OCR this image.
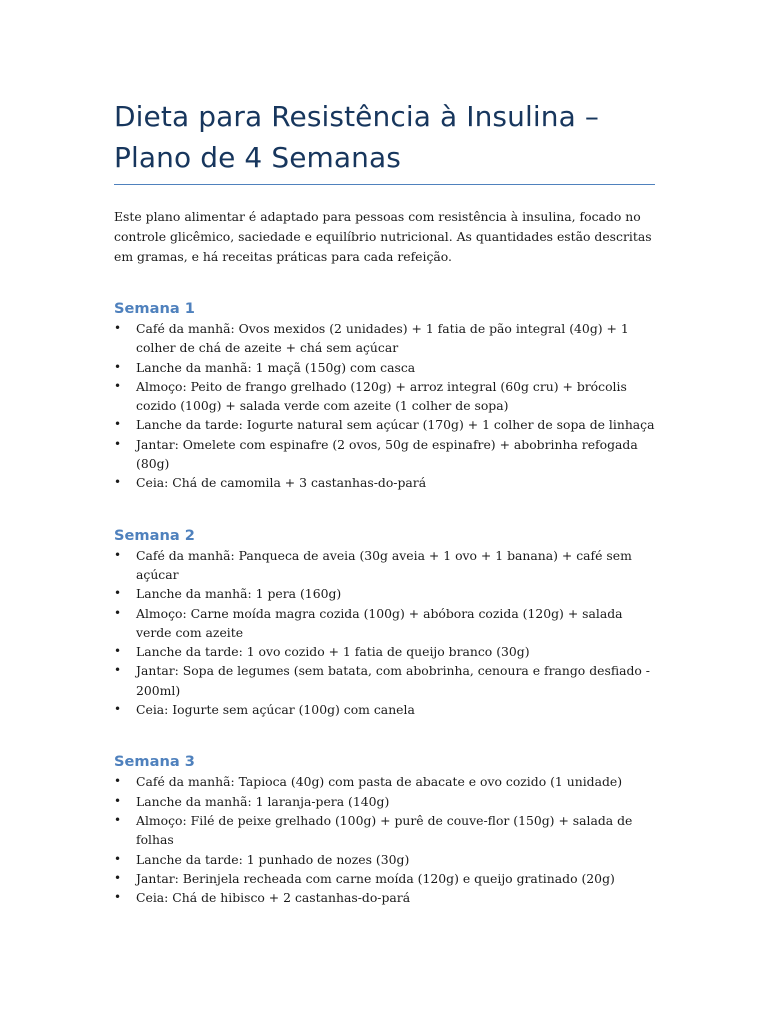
Dieta para Resistência à Insulina – Plano de 4 Semanas

Este plano alimentar é adaptado para pessoas com resistência à insulina, focado no controle glicêmico, saciedade e equilíbrio nutricional. As quantidades estão descritas em gramas, e há receitas práticas para cada refeição.

Semana 1
• Café da manhã: Ovos mexidos (2 unidades) + 1 fatia de pão integral (40g) + 1 colher de chá de azeite + chá sem açúcar
• Lanche da manhã: 1 maçã (150g) com casca
• Almoço: Peito de frango grelhado (120g) + arroz integral (60g cru) + brócolis cozido (100g) + salada verde com azeite (1 colher de sopa)
• Lanche da tarde: Iogurte natural sem açúcar (170g) + 1 colher de sopa de linhaça
• Jantar: Omelete com espinafre (2 ovos, 50g de espinafre) + abobrinha refogada (80g)
• Ceia: Chá de camomila + 3 castanhas-do-pará
Semana 2
• Café da manhã: Panqueca de aveia (30g aveia + 1 ovo + 1 banana) + café sem açúcar
• Lanche da manhã: 1 pera (160g)
• Almoço: Carne moída magra cozida (100g) + abóbora cozida (120g) + salada verde com azeite
• Lanche da tarde: 1 ovo cozido + 1 fatia de queijo branco (30g)
• Jantar: Sopa de legumes (sem batata, com abobrinha, cenoura e frango desfiado - 200ml)
• Ceia: Iogurte sem açúcar (100g) com canela
Semana 3
• Café da manhã: Tapioca (40g) com pasta de abacate e ovo cozido (1 unidade)
• Lanche da manhã: 1 laranja-pera (140g)
• Almoço: Filé de peixe grelhado (100g) + purê de couve-flor (150g) + salada de folhas
• Lanche da tarde: 1 punhado de nozes (30g)
• Jantar: Berinjela recheada com carne moída (120g) e queijo gratinado (20g)
• Ceia: Chá de hibisco + 2 castanhas-do-pará
